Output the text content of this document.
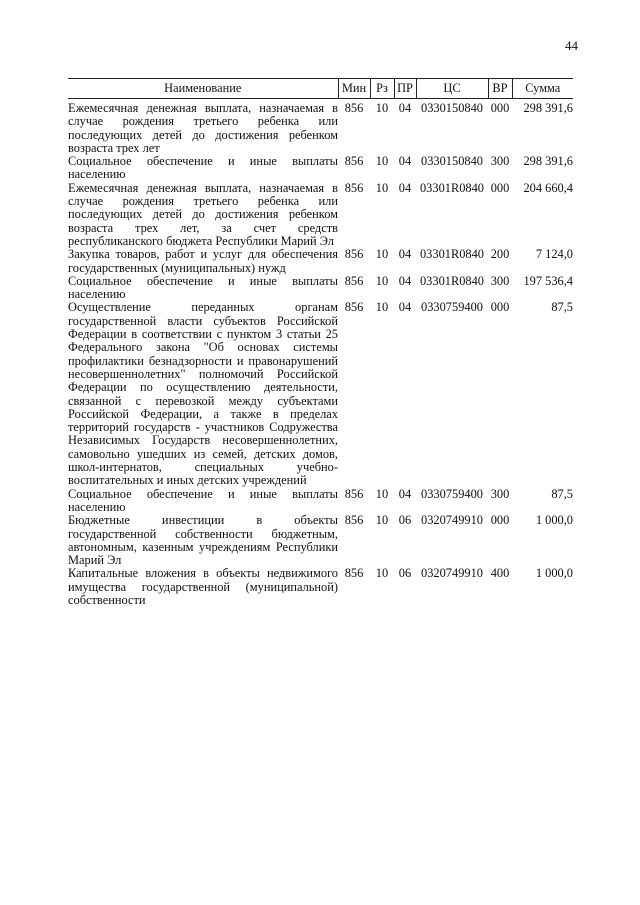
44
Наименование	Мин	Рз	ПР	ЦС	ВР	Сумма
Ежемесячная денежная выплата, назначаемая в случае рождения третьего ребенка или последующих детей до достижения ребенком возраста трех лет	856	10	04	0330150840	000	298 391,6
Социальное обеспечение и иные выплаты населению	856	10	04	0330150840	300	298 391,6
Ежемесячная денежная выплата, назначаемая в случае рождения третьего ребенка или последующих детей до достижения ребенком возраста трех лет, за счет средств республиканского бюджета Республики Марий Эл	856	10	04	03301R0840	000	204 660,4
Закупка товаров, работ и услуг для обеспечения государственных (муниципальных) нужд	856	10	04	03301R0840	200	7 124,0
Социальное обеспечение и иные выплаты населению	856	10	04	03301R0840	300	197 536,4
Осуществление переданных органам государственной власти субъектов Российской Федерации в соответствии с пунктом 3 статьи 25 Федерального закона "Об основах системы профилактики безнадзорности и правонарушений несовершеннолетних" полномочий Российской Федерации по осуществлению деятельности, связанной с перевозкой между субъектами Российской Федерации, а также в пределах территорий государств - участников Содружества Независимых Государств несовершеннолетних, самовольно ушедших из семей, детских домов, школ-интернатов, специальных учебно-воспитательных и иных детских учреждений	856	10	04	0330759400	000	87,5
Социальное обеспечение и иные выплаты населению	856	10	04	0330759400	300	87,5
Бюджетные инвестиции в объекты государственной собственности бюджетным, автономным, казенным учреждениям Республики Марий Эл	856	10	06	0320749910	000	1 000,0
Капитальные вложения в объекты недвижимого имущества государственной (муниципальной) собственности	856	10	06	0320749910	400	1 000,0
